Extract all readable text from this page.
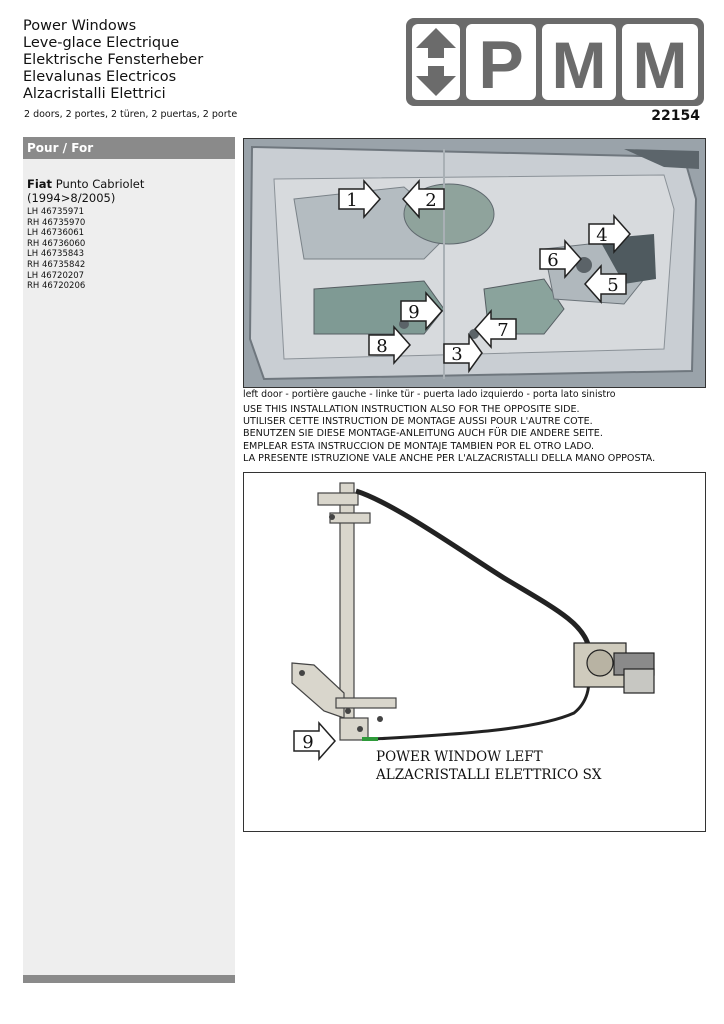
Power Windows
Leve-glace Electrique
Elektrische Fensterheber
Elevalunas Electricos
Alzacristalli Elettrici
2 doors, 2 portes, 2 türen, 2 puertas, 2 porte	22154
P M M
Pour / For
Fiat Punto Cabriolet (1994>8/2005)
LH 46735971
RH 46735970
LH 46736061
RH 46736060
LH 46735843
RH 46735842
LH 46720207
RH 46720206
1	2
3
4
5
6
7
8
9
left door - portière gauche - linke tür - puerta lado izquierdo - porta lato sinistro
USE THIS INSTALLATION INSTRUCTION ALSO FOR THE OPPOSITE SIDE.
UTILISER CETTE INSTRUCTION DE MONTAGE AUSSI POUR L'AUTRE COTE.
BENUTZEN SIE DIESE MONTAGE-ANLEITUNG AUCH FÜR DIE ANDERE SEITE.
EMPLEAR ESTA INSTRUCCION DE MONTAJE TAMBIEN POR EL OTRO LADO.
LA PRESENTE ISTRUZIONE VALE ANCHE PER L'ALZACRISTALLI DELLA MANO OPPOSTA.
9
POWER WINDOW LEFT
ALZACRISTALLI ELETTRICO SX
